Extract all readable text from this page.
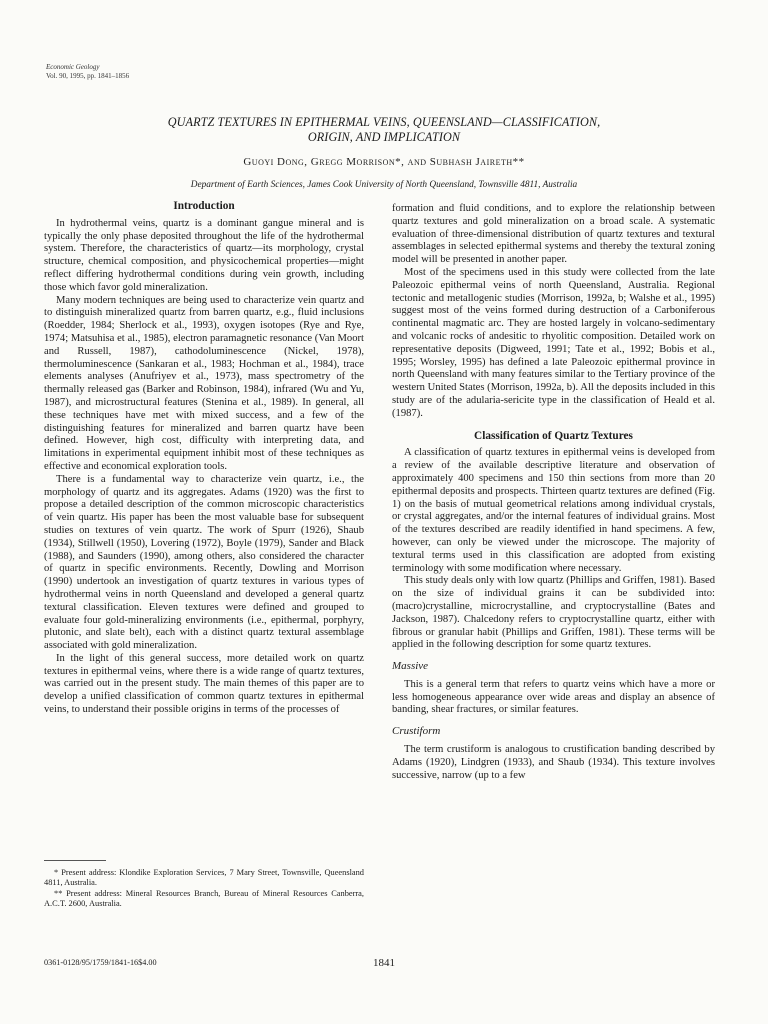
Economic Geology
Vol. 90, 1995, pp. 1841–1856
QUARTZ TEXTURES IN EPITHERMAL VEINS, QUEENSLAND—CLASSIFICATION,
ORIGIN, AND IMPLICATION
Guoyi Dong, Gregg Morrison*, and Subhash Jaireth**
Department of Earth Sciences, James Cook University of North Queensland, Townsville 4811, Australia
Introduction

In hydrothermal veins, quartz is a dominant gangue mineral and is typically the only phase deposited throughout the life of the hydrothermal system. Therefore, the characteristics of quartz—its morphology, crystal structure, chemical composition, and physicochemical properties—might reflect differing hydrothermal conditions during vein growth, including those which favor gold mineralization.

Many modern techniques are being used to characterize vein quartz and to distinguish mineralized quartz from barren quartz, e.g., fluid inclusions (Roedder, 1984; Sherlock et al., 1993), oxygen isotopes (Rye and Rye, 1974; Matsuhisa et al., 1985), electron paramagnetic resonance (Van Moort and Russell, 1987), cathodoluminescence (Nickel, 1978), thermoluminescence (Sankaran et al., 1983; Hochman et al., 1984), trace elements analyses (Anufriyev et al., 1973), mass spectrometry of the thermally released gas (Barker and Robinson, 1984), infrared (Wu and Yu, 1987), and microstructural features (Stenina et al., 1989). In general, all these techniques have met with mixed success, and a few of the distinguishing features for mineralized and barren quartz have been defined. However, high cost, difficulty with interpreting data, and limitations in experimental equipment inhibit most of these techniques as effective and economical exploration tools.

There is a fundamental way to characterize vein quartz, i.e., the morphology of quartz and its aggregates. Adams (1920) was the first to propose a detailed description of the common microscopic characteristics of vein quartz. His paper has been the most valuable base for subsequent studies on textures of vein quartz. The work of Spurr (1926), Shaub (1934), Stillwell (1950), Lovering (1972), Boyle (1979), Sander and Black (1988), and Saunders (1990), among others, also considered the character of quartz in specific environments. Recently, Dowling and Morrison (1990) undertook an investigation of quartz textures in various types of hydrothermal veins in north Queensland and developed a general quartz textural classification. Eleven textures were defined and grouped to evaluate four gold-mineralizing environments (i.e., epithermal, porphyry, plutonic, and slate belt), each with a distinct quartz textural assemblage associated with gold mineralization.

In the light of this general success, more detailed work on quartz textures in epithermal veins, where there is a wide range of quartz textures, was carried out in the present study. The main themes of this paper are to develop a unified classification of common quartz textures in epithermal veins, to understand their possible origins in terms of the processes of

* Present address: Klondike Exploration Services, 7 Mary Street, Townsville, Queensland 4811, Australia.

** Present address: Mineral Resources Branch, Bureau of Mineral Resources Canberra, A.C.T. 2600, Australia.

formation and fluid conditions, and to explore the relationship between quartz textures and gold mineralization on a broad scale. A systematic evaluation of three-dimensional distribution of quartz textures and textural assemblages in selected epithermal systems and thereby the textural zoning model will be presented in another paper.

Most of the specimens used in this study were collected from the late Paleozoic epithermal veins of north Queensland, Australia. Regional tectonic and metallogenic studies (Morrison, 1992a, b; Walshe et al., 1995) suggest most of the veins formed during destruction of a Carboniferous continental magmatic arc. They are hosted largely in volcano-sedimentary and volcanic rocks of andesitic to rhyolitic composition. Detailed work on representative deposits (Digweed, 1991; Tate et al., 1992; Bobis et al., 1995; Worsley, 1995) has defined a late Paleozoic epithermal province in north Queensland with many features similar to the Tertiary province of the western United States (Morrison, 1992a, b). All the deposits included in this study are of the adularia-sericite type in the classification of Heald et al. (1987).

Classification of Quartz Textures

A classification of quartz textures in epithermal veins is developed from a review of the available descriptive literature and observation of approximately 400 specimens and 150 thin sections from more than 20 epithermal deposits and prospects. Thirteen quartz textures are defined (Fig. 1) on the basis of mutual geometrical relations among individual crystals, or crystal aggregates, and/or the internal features of individual grains. Most of the textures described are readily identified in hand specimens. A few, however, can only be viewed under the microscope. The majority of textural terms used in this classification are adopted from existing terminology with some modification where necessary.

This study deals only with low quartz (Phillips and Griffen, 1981). Based on the size of individual grains it can be subdivided into: (macro)crystalline, microcrystalline, and cryptocrystalline (Bates and Jackson, 1987). Chalcedony refers to cryptocrystalline quartz, either with fibrous or granular habit (Phillips and Griffen, 1981). These terms will be applied in the following description for some quartz textures.

Massive

This is a general term that refers to quartz veins which have a more or less homogeneous appearance over wide areas and display an absence of banding, shear fractures, or similar features.

Crustiform

The term crustiform is analogous to crustification banding described by Adams (1920), Lindgren (1933), and Shaub (1934). This texture involves successive, narrow (up to a few

0361-0128/95/1759/1841-16$4.00	1841
